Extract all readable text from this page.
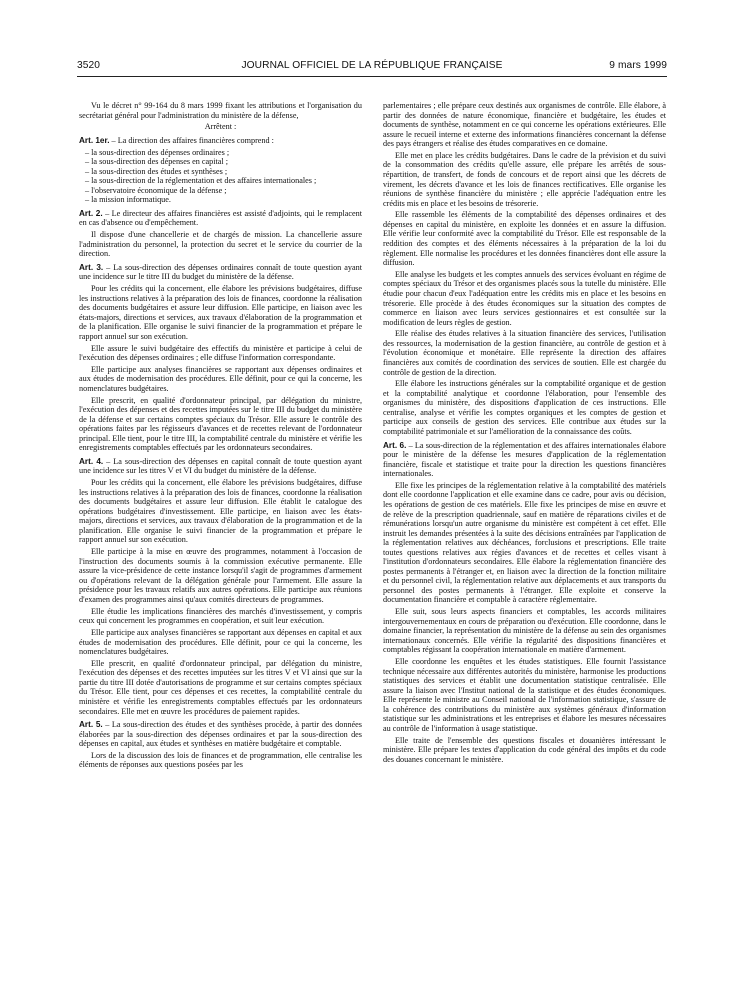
3520	JOURNAL OFFICIEL DE LA RÉPUBLIQUE FRANÇAISE	9 mars 1999

Vu le décret n° 99-164 du 8 mars 1999 fixant les attributions et l'organisation du secrétariat général pour l'administration du ministère de la défense,

Arrêtent :

Art. 1er. – La direction des affaires financières comprend :

– la sous-direction des dépenses ordinaires ;

– la sous-direction des dépenses en capital ;

– la sous-direction des études et synthèses ;

– la sous-direction de la réglementation et des affaires internationales ;

– l'observatoire économique de la défense ;

– la mission informatique.

Art. 2. – Le directeur des affaires financières est assisté d'adjoints, qui le remplacent en cas d'absence ou d'empêchement.

Il dispose d'une chancellerie et de chargés de mission. La chancellerie assure l'administration du personnel, la protection du secret et le service du courrier de la direction.

Art. 3. – La sous-direction des dépenses ordinaires connaît de toute question ayant une incidence sur le titre III du budget du ministère de la défense.

Pour les crédits qui la concernent, elle élabore les prévisions budgétaires, diffuse les instructions relatives à la préparation des lois de finances, coordonne la réalisation des documents budgétaires et assure leur diffusion. Elle participe, en liaison avec les états-majors, directions et services, aux travaux d'élaboration de la programmation et de la planification. Elle organise le suivi financier de la programmation et prépare le rapport annuel sur son exécution.

Elle assure le suivi budgétaire des effectifs du ministère et participe à celui de l'exécution des dépenses ordinaires ; elle diffuse l'information correspondante.

Elle participe aux analyses financières se rapportant aux dépenses ordinaires et aux études de modernisation des procédures. Elle définit, pour ce qui la concerne, les nomenclatures budgétaires.

Elle prescrit, en qualité d'ordonnateur principal, par délégation du ministre, l'exécution des dépenses et des recettes imputées sur le titre III du budget du ministère de la défense et sur certains comptes spéciaux du Trésor. Elle assure le contrôle des opérations faites par les régisseurs d'avances et de recettes relevant de l'ordonnateur principal. Elle tient, pour le titre III, la comptabilité centrale du ministère et vérifie les enregistrements comptables effectués par les ordonnateurs secondaires.

Art. 4. – La sous-direction des dépenses en capital connaît de toute question ayant une incidence sur les titres V et VI du budget du ministère de la défense.

Pour les crédits qui la concernent, elle élabore les prévisions budgétaires, diffuse les instructions relatives à la préparation des lois de finances, coordonne la réalisation des documents budgétaires et assure leur diffusion. Elle établit le catalogue des opérations budgétaires d'investissement. Elle participe, en liaison avec les états-majors, directions et services, aux travaux d'élaboration de la programmation et de la planification. Elle organise le suivi financier de la programmation et prépare le rapport annuel sur son exécution.

Elle participe à la mise en œuvre des programmes, notamment à l'occasion de l'instruction des documents soumis à la commission exécutive permanente. Elle assure la vice-présidence de cette instance lorsqu'il s'agit de programmes d'armement ou d'opérations relevant de la délégation générale pour l'armement. Elle assure la présidence pour les travaux relatifs aux autres opérations. Elle participe aux réunions d'examen des programmes ainsi qu'aux comités directeurs de programmes.

Elle étudie les implications financières des marchés d'investissement, y compris ceux qui concernent les programmes en coopération, et suit leur exécution.

Elle participe aux analyses financières se rapportant aux dépenses en capital et aux études de modernisation des procédures. Elle définit, pour ce qui la concerne, les nomenclatures budgétaires.

Elle prescrit, en qualité d'ordonnateur principal, par délégation du ministre, l'exécution des dépenses et des recettes imputées sur les titres V et VI ainsi que sur la partie du titre III dotée d'autorisations de programme et sur certains comptes spéciaux du Trésor. Elle tient, pour ces dépenses et ces recettes, la comptabilité centrale du ministère et vérifie les enregistrements comptables effectués par les ordonnateurs secondaires. Elle met en œuvre les procédures de paiement rapides.

Art. 5. – La sous-direction des études et des synthèses procède, à partir des données élaborées par la sous-direction des dépenses ordinaires et par la sous-direction des dépenses en capital, aux études et synthèses en matière budgétaire et comptable.

Lors de la discussion des lois de finances et de programmation, elle centralise les éléments de réponses aux questions posées par les

parlementaires ; elle prépare ceux destinés aux organismes de contrôle. Elle élabore, à partir des données de nature économique, financière et budgétaire, les études et documents de synthèse, notamment en ce qui concerne les opérations extérieures. Elle assure le recueil interne et externe des informations financières concernant la défense des pays étrangers et réalise des études comparatives en ce domaine.

Elle met en place les crédits budgétaires. Dans le cadre de la prévision et du suivi de la consommation des crédits qu'elle assure, elle prépare les arrêtés de sous-répartition, de transfert, de fonds de concours et de report ainsi que les décrets de virement, les décrets d'avance et les lois de finances rectificatives. Elle organise les réunions de synthèse financière du ministère ; elle apprécie l'adéquation entre les crédits mis en place et les besoins de trésorerie.

Elle rassemble les éléments de la comptabilité des dépenses ordinaires et des dépenses en capital du ministère, en exploite les données et en assure la diffusion. Elle vérifie leur conformité avec la comptabilité du Trésor. Elle est responsable de la reddition des comptes et des éléments nécessaires à la préparation de la loi du règlement. Elle normalise les procédures et les données financières dont elle assure la diffusion.

Elle analyse les budgets et les comptes annuels des services évoluant en régime de comptes spéciaux du Trésor et des organismes placés sous la tutelle du ministère. Elle étudie pour chacun d'eux l'adéquation entre les crédits mis en place et les besoins en trésorerie. Elle procède à des études économiques sur la situation des comptes de commerce en liaison avec leurs services gestionnaires et est consultée sur la modification de leurs règles de gestion.

Elle réalise des études relatives à la situation financière des services, l'utilisation des ressources, la modernisation de la gestion financière, au contrôle de gestion et à l'évolution économique et monétaire. Elle représente la direction des affaires financières aux comités de coordination des services de soutien. Elle est chargée du contrôle de gestion de la direction.

Elle élabore les instructions générales sur la comptabilité organique et de gestion et la comptabilité analytique et coordonne l'élaboration, pour l'ensemble des organismes du ministère, des dispositions d'application de ces instructions. Elle centralise, analyse et vérifie les comptes organiques et les comptes de gestion et participe aux conseils de gestion des services. Elle contribue aux études sur la comptabilité patrimoniale et sur l'amélioration de la connaissance des coûts.

Art. 6. – La sous-direction de la réglementation et des affaires internationales élabore pour le ministère de la défense les mesures d'application de la réglementation financière, fiscale et statistique et traite pour la direction les questions financières internationales.

Elle fixe les principes de la réglementation relative à la comptabilité des matériels dont elle coordonne l'application et elle examine dans ce cadre, pour avis ou décision, les opérations de gestion de ces matériels. Elle fixe les principes de mise en œuvre et de relève de la prescription quadriennale, sauf en matière de réparations civiles et de rémunérations lorsqu'un autre organisme du ministère est compétent à cet effet. Elle instruit les demandes présentées à la suite des décisions entraînées par l'application de la réglementation relatives aux déchéances, forclusions et prescriptions. Elle traite toutes questions relatives aux régies d'avances et de recettes et celles visant à l'institution d'ordonnateurs secondaires. Elle élabore la réglementation financière des postes permanents à l'étranger et, en liaison avec la direction de la fonction militaire et du personnel civil, la réglementation relative aux déplacements et aux transports du personnel des postes permanents à l'étranger. Elle exploite et conserve la documentation financière et comptable à caractère réglementaire.

Elle suit, sous leurs aspects financiers et comptables, les accords militaires intergouvernementaux en cours de préparation ou d'exécution. Elle coordonne, dans le domaine financier, la représentation du ministère de la défense au sein des organismes internationaux concernés. Elle vérifie la régularité des dispositions financières et comptables régissant la coopération internationale en matière d'armement.

Elle coordonne les enquêtes et les études statistiques. Elle fournit l'assistance technique nécessaire aux différentes autorités du ministère, harmonise les productions statistiques des services et établit une documentation statistique centralisée. Elle assure la liaison avec l'Institut national de la statistique et des études économiques. Elle représente le ministre au Conseil national de l'information statistique, s'assure de la cohérence des contributions du ministère aux systèmes généraux d'information statistique sur les administrations et les entreprises et élabore les mesures nécessaires au contrôle de l'information à usage statistique.

Elle traite de l'ensemble des questions fiscales et douanières intéressant le ministère. Elle prépare les textes d'application du code général des impôts et du code des douanes concernant le ministère.
